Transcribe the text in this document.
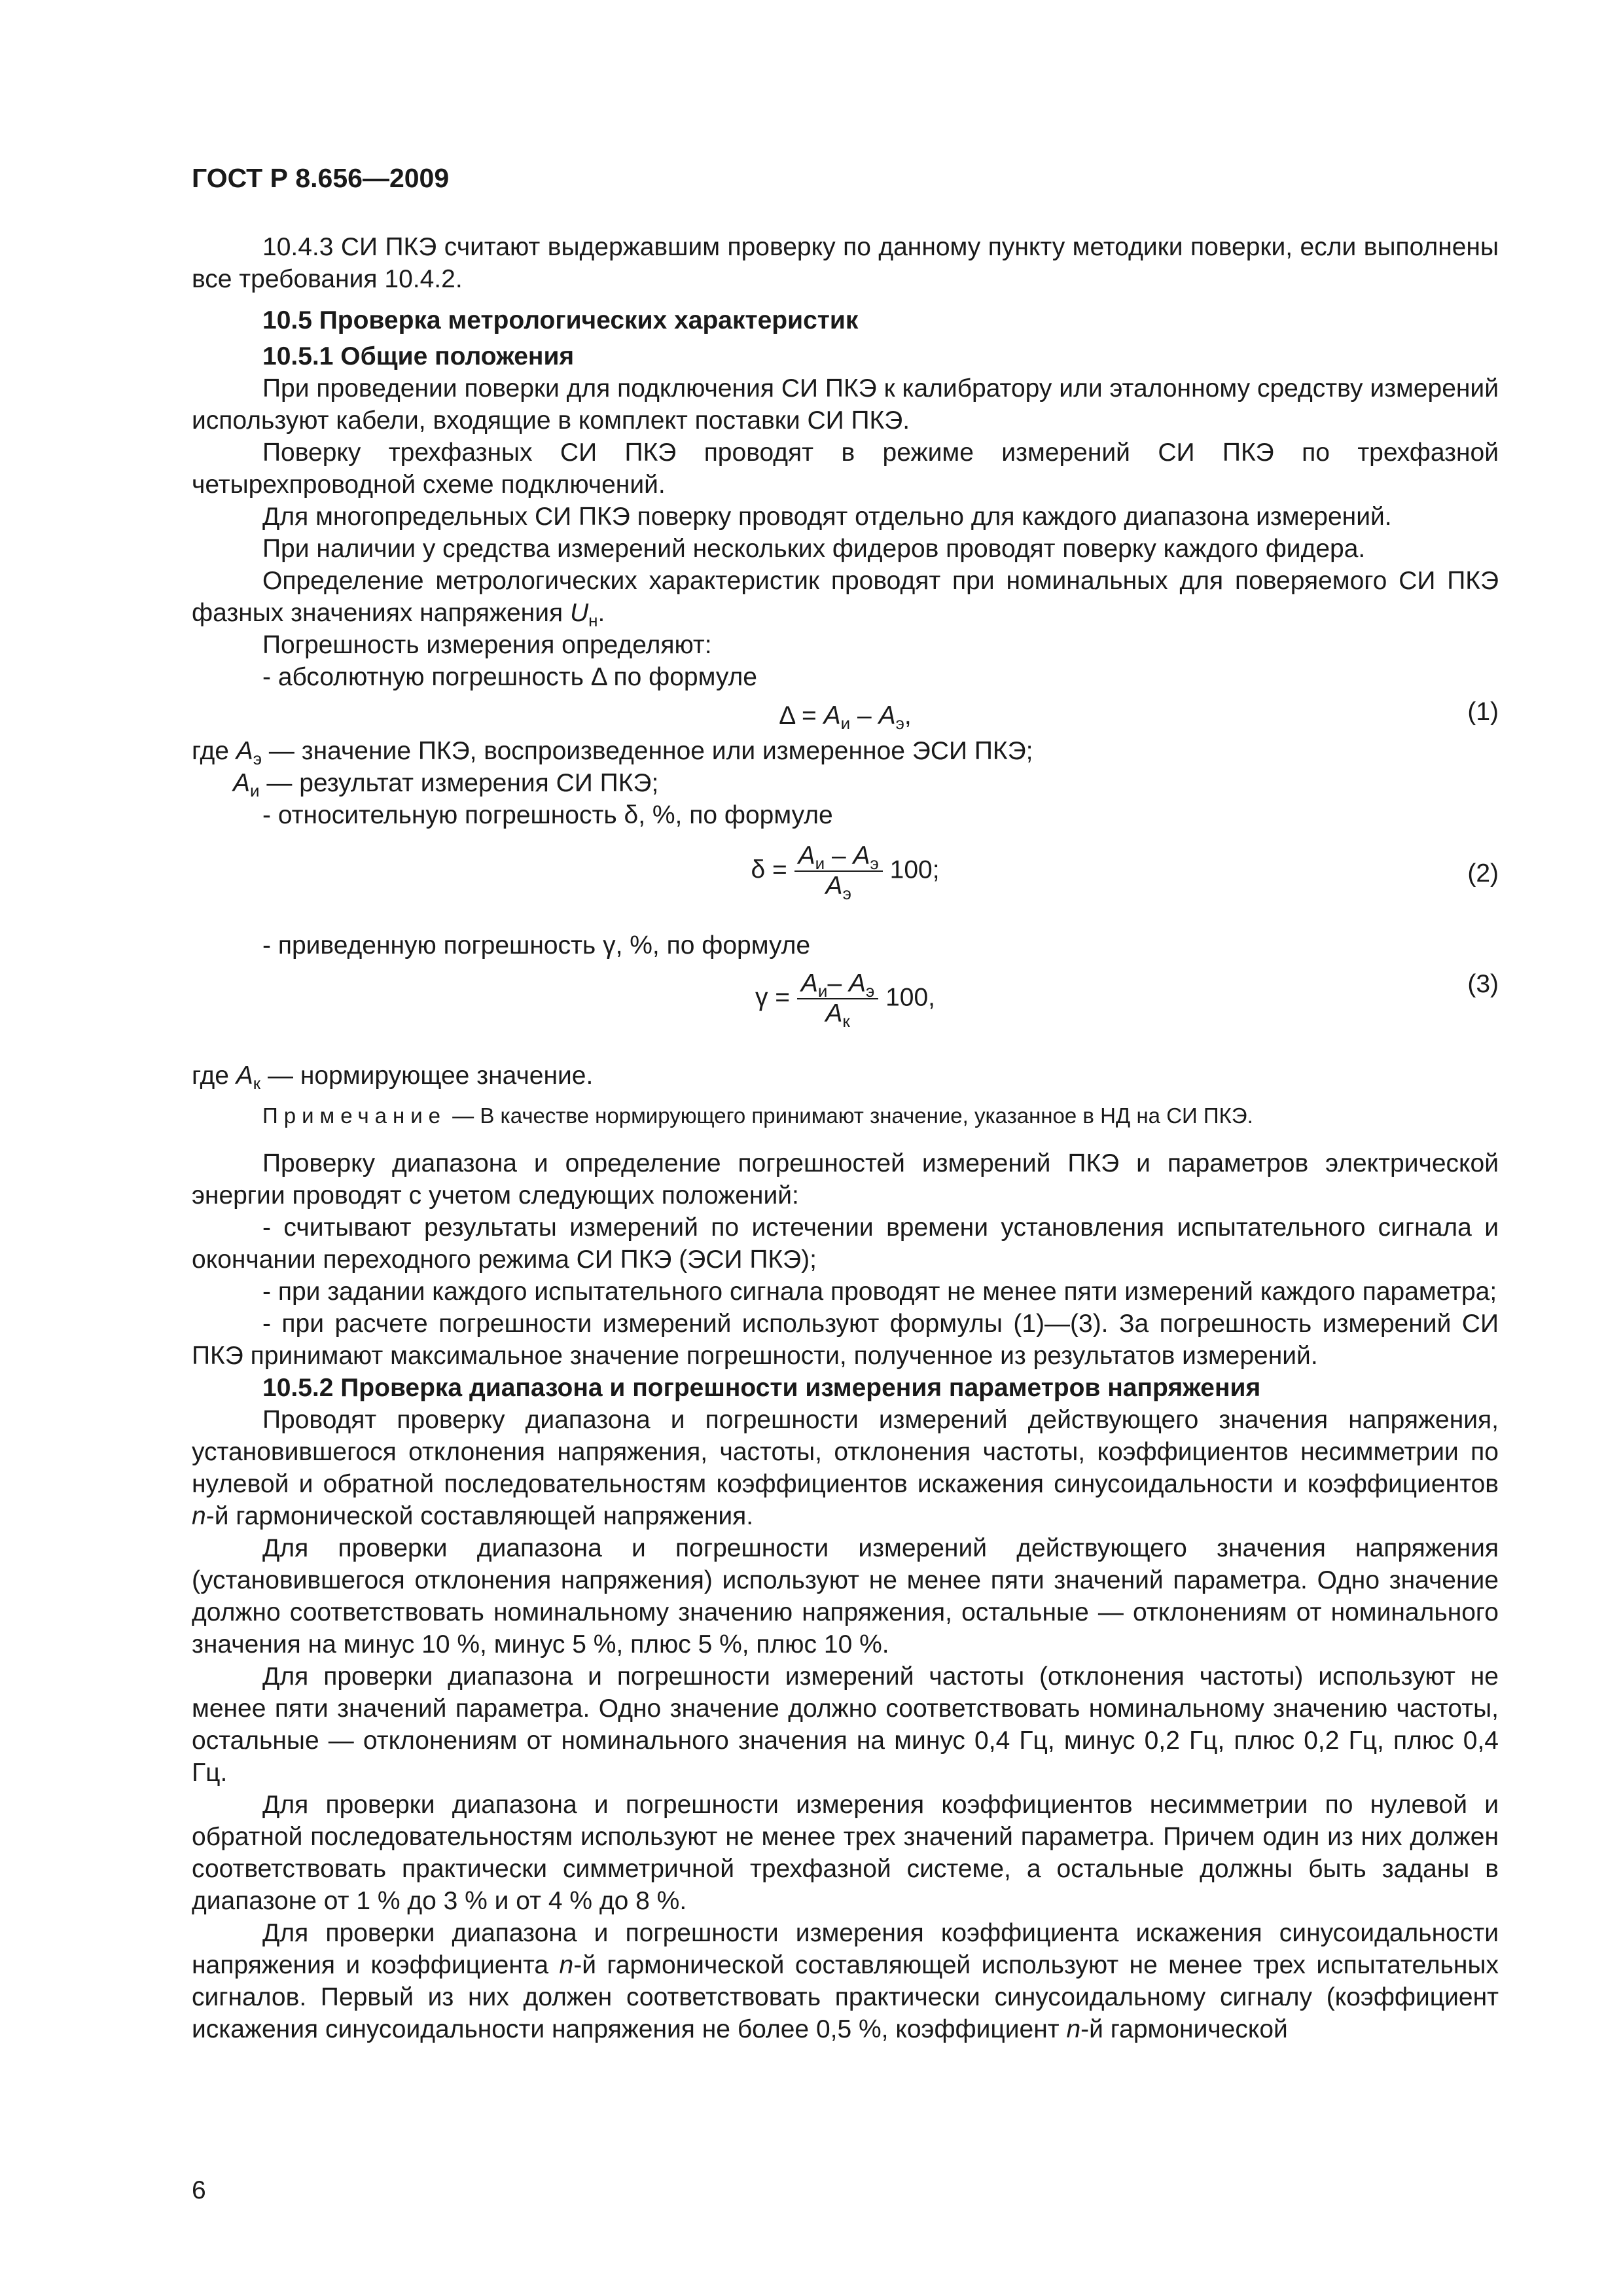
ГОСТ Р 8.656—2009

10.4.3 СИ ПКЭ считают выдержавшим проверку по данному пункту методики поверки, если выполнены все требования 10.4.2.

10.5 Проверка метрологических характеристик

10.5.1 Общие положения

При проведении поверки для подключения СИ ПКЭ к калибратору или эталонному средству измерений используют кабели, входящие в комплект поставки СИ ПКЭ.

Поверку трехфазных СИ ПКЭ проводят в режиме измерений СИ ПКЭ по трехфазной четырехпроводной схеме подключений.

Для многопредельных СИ ПКЭ поверку проводят отдельно для каждого диапазона измерений.

При наличии у средства измерений нескольких фидеров проводят поверку каждого фидера.

Определение метрологических характеристик проводят при номинальных для поверяемого СИ ПКЭ фазных значениях напряжения $U_н$.

Погрешность измерения определяют:

- абсолютную погрешность Δ по формуле

$\Delta = A_и - A_э$,	(1)

где $A_э$ — значение ПКЭ, воспроизведенное или измеренное ЭСИ ПКЭ;

$A_и$ — результат измерения СИ ПКЭ;

- относительную погрешность δ, %, по формуле

$\delta = \frac{A_и - A_э}{A_э} 100$;	(2)

- приведенную погрешность γ, %, по формуле

$\gamma = \frac{A_и- A_э}{A_к} 100$,	(3)

где $A_к$ — нормирующее значение.

Примечание — В качестве нормирующего принимают значение, указанное в НД на СИ ПКЭ.

Проверку диапазона и определение погрешностей измерений ПКЭ и параметров электрической энергии проводят с учетом следующих положений:

- считывают результаты измерений по истечении времени установления испытательного сигнала и окончании переходного режима СИ ПКЭ (ЭСИ ПКЭ);

- при задании каждого испытательного сигнала проводят не менее пяти измерений каждого параметра;

- при расчете погрешности измерений используют формулы (1)—(3). За погрешность измерений СИ ПКЭ принимают максимальное значение погрешности, полученное из результатов измерений.

10.5.2 Проверка диапазона и погрешности измерения параметров напряжения

Проводят проверку диапазона и погрешности измерений действующего значения напряжения, установившегося отклонения напряжения, частоты, отклонения частоты, коэффициентов несимметрии по нулевой и обратной последовательностям коэффициентов искажения синусоидальности и коэффициентов n-й гармонической составляющей напряжения.

Для проверки диапазона и погрешности измерений действующего значения напряжения (установившегося отклонения напряжения) используют не менее пяти значений параметра. Одно значение должно соответствовать номинальному значению напряжения, остальные — отклонениям от номинального значения на минус 10 %, минус 5 %, плюс 5 %, плюс 10 %.

Для проверки диапазона и погрешности измерений частоты (отклонения частоты) используют не менее пяти значений параметра. Одно значение должно соответствовать номинальному значению частоты, остальные — отклонениям от номинального значения на минус 0,4 Гц, минус 0,2 Гц, плюс 0,2 Гц, плюс 0,4 Гц.

Для проверки диапазона и погрешности измерения коэффициентов несимметрии по нулевой и обратной последовательностям используют не менее трех значений параметра. Причем один из них должен соответствовать практически симметричной трехфазной системе, а остальные должны быть заданы в диапазоне от 1 % до 3 % и от 4 % до 8 %.

Для проверки диапазона и погрешности измерения коэффициента искажения синусоидальности напряжения и коэффициента n-й гармонической составляющей используют не менее трех испытательных сигналов. Первый из них должен соответствовать практически синусоидальному сигналу (коэффициент искажения синусоидальности напряжения не более 0,5 %, коэффициент n-й гармонической

6
